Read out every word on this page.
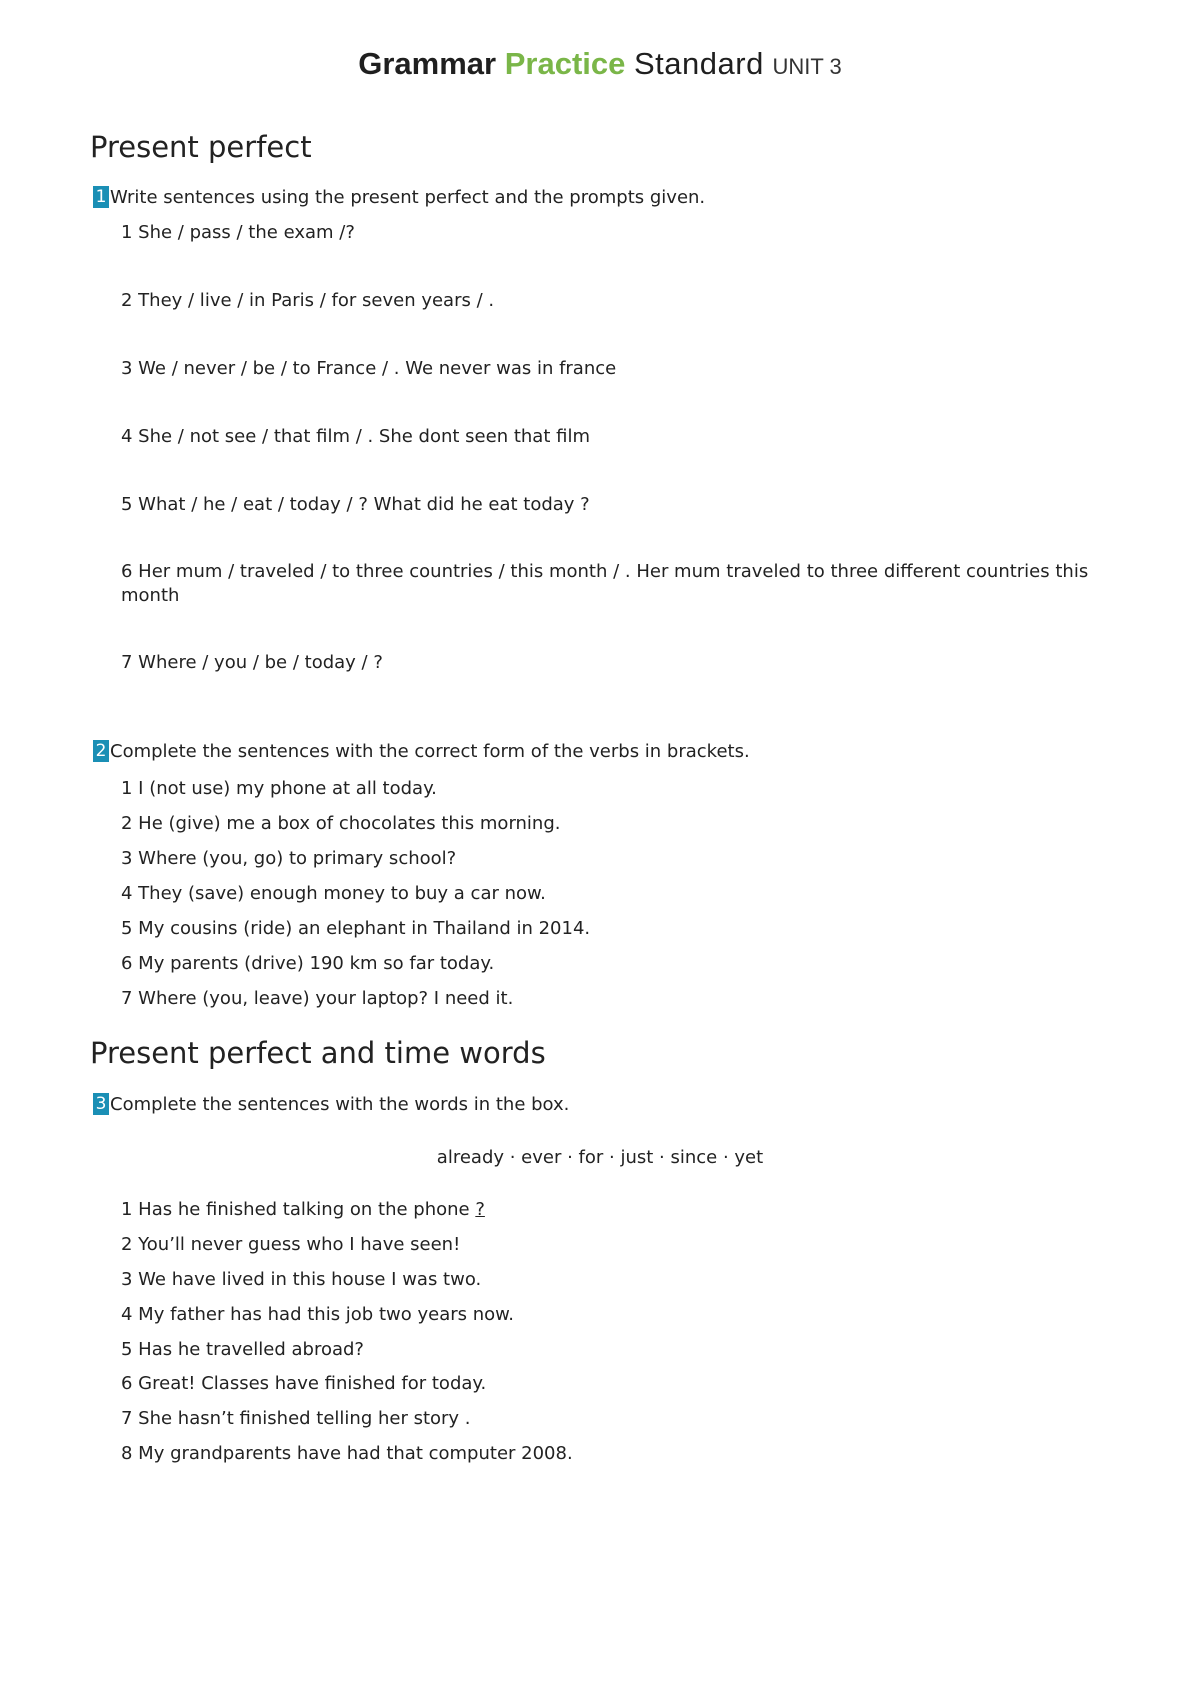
Grammar Practice Standard UNIT 3
Present perfect
1 Write sentences using the present perfect and the prompts given.
1 She / pass / the exam /?
2 They / live / in Paris / for seven years / .
3 We / never / be / to France / . We never was in france
4 She / not see / that film / . She dont seen that film
5 What / he / eat / today / ? What did he eat today ?
6 Her mum / traveled / to three countries / this month / . Her mum traveled to three different countries this month
7 Where / you / be / today / ?
2 Complete the sentences with the correct form of the verbs in brackets.
1 I (not use) my phone at all today.
2 He (give) me a box of chocolates this morning.
3 Where (you, go) to primary school?
4 They (save) enough money to buy a car now.
5 My cousins (ride) an elephant in Thailand in 2014.
6 My parents (drive) 190 km so far today.
7 Where (you, leave) your laptop? I need it.
Present perfect and time words
3 Complete the sentences with the words in the box.
already · ever · for · just · since · yet
1 Has he finished talking on the phone ?
2 You’ll never guess who I have seen!
3 We have lived in this house I was two.
4 My father has had this job two years now.
5 Has he travelled abroad?
6 Great! Classes have finished for today.
7 She hasn’t finished telling her story .
8 My grandparents have had that computer 2008.
